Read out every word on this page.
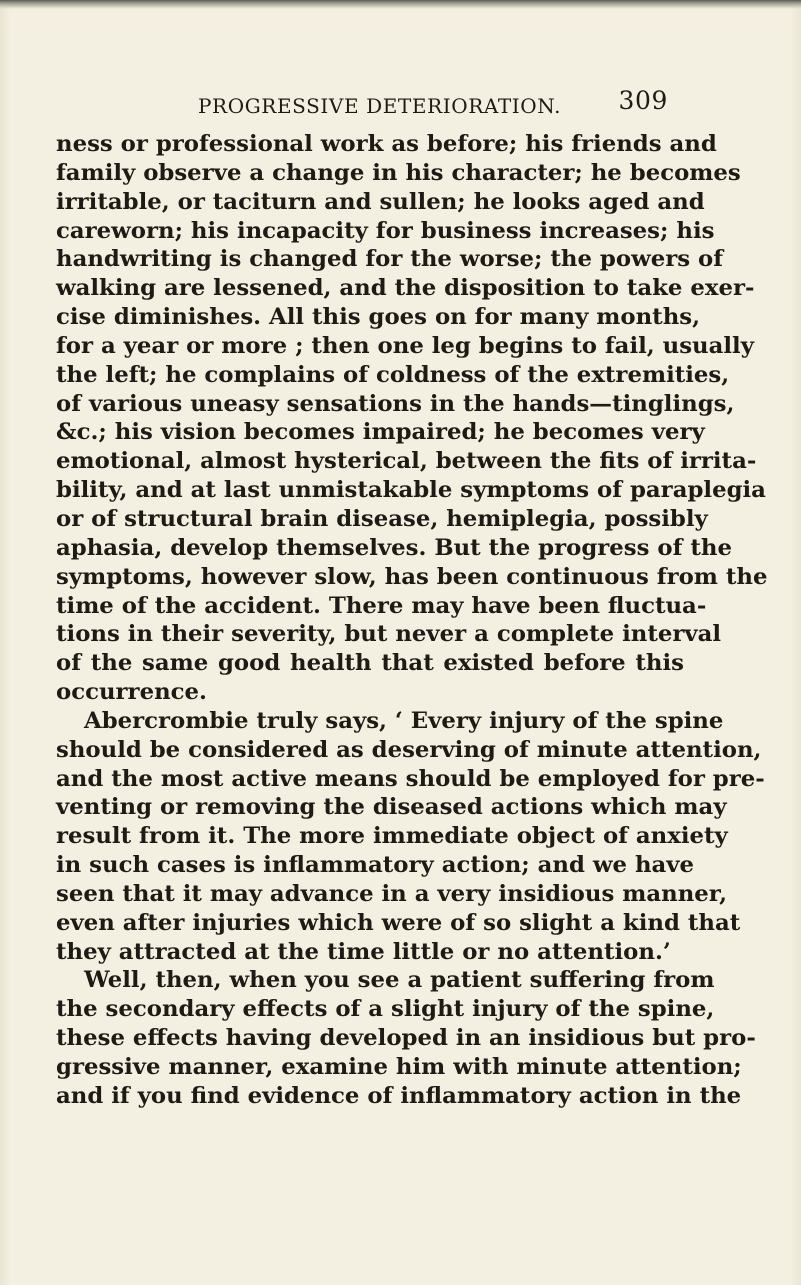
PROGRESSIVE DETERIORATION. 309
ness or professional work as before; his friends and
family observe a change in his character; he becomes
irritable, or taciturn and sullen; he looks aged and
careworn; his incapacity for business increases; his
handwriting is changed for the worse; the powers of
walking are lessened, and the disposition to take exer-
cise diminishes. All this goes on for many months,
for a year or more ; then one leg begins to fail, usually
the left; he complains of coldness of the extremities,
of various uneasy sensations in the hands—tinglings,
&c.; his vision becomes impaired; he becomes very
emotional, almost hysterical, between the fits of irrita-
bility, and at last unmistakable symptoms of paraplegia
or of structural brain disease, hemiplegia, possibly
aphasia, develop themselves. But the progress of the
symptoms, however slow, has been continuous from the
time of the accident. There may have been fluctua-
tions in their severity, but never a complete interval
of the same good health that existed before this
occurrence.
Abercrombie truly says, ‘ Every injury of the spine
should be considered as deserving of minute attention,
and the most active means should be employed for pre-
venting or removing the diseased actions which may
result from it. The more immediate object of anxiety
in such cases is inflammatory action; and we have
seen that it may advance in a very insidious manner,
even after injuries which were of so slight a kind that
they attracted at the time little or no attention.’
Well, then, when you see a patient suffering from
the secondary effects of a slight injury of the spine,
these effects having developed in an insidious but pro-
gressive manner, examine him with minute attention;
and if you find evidence of inflammatory action in the
